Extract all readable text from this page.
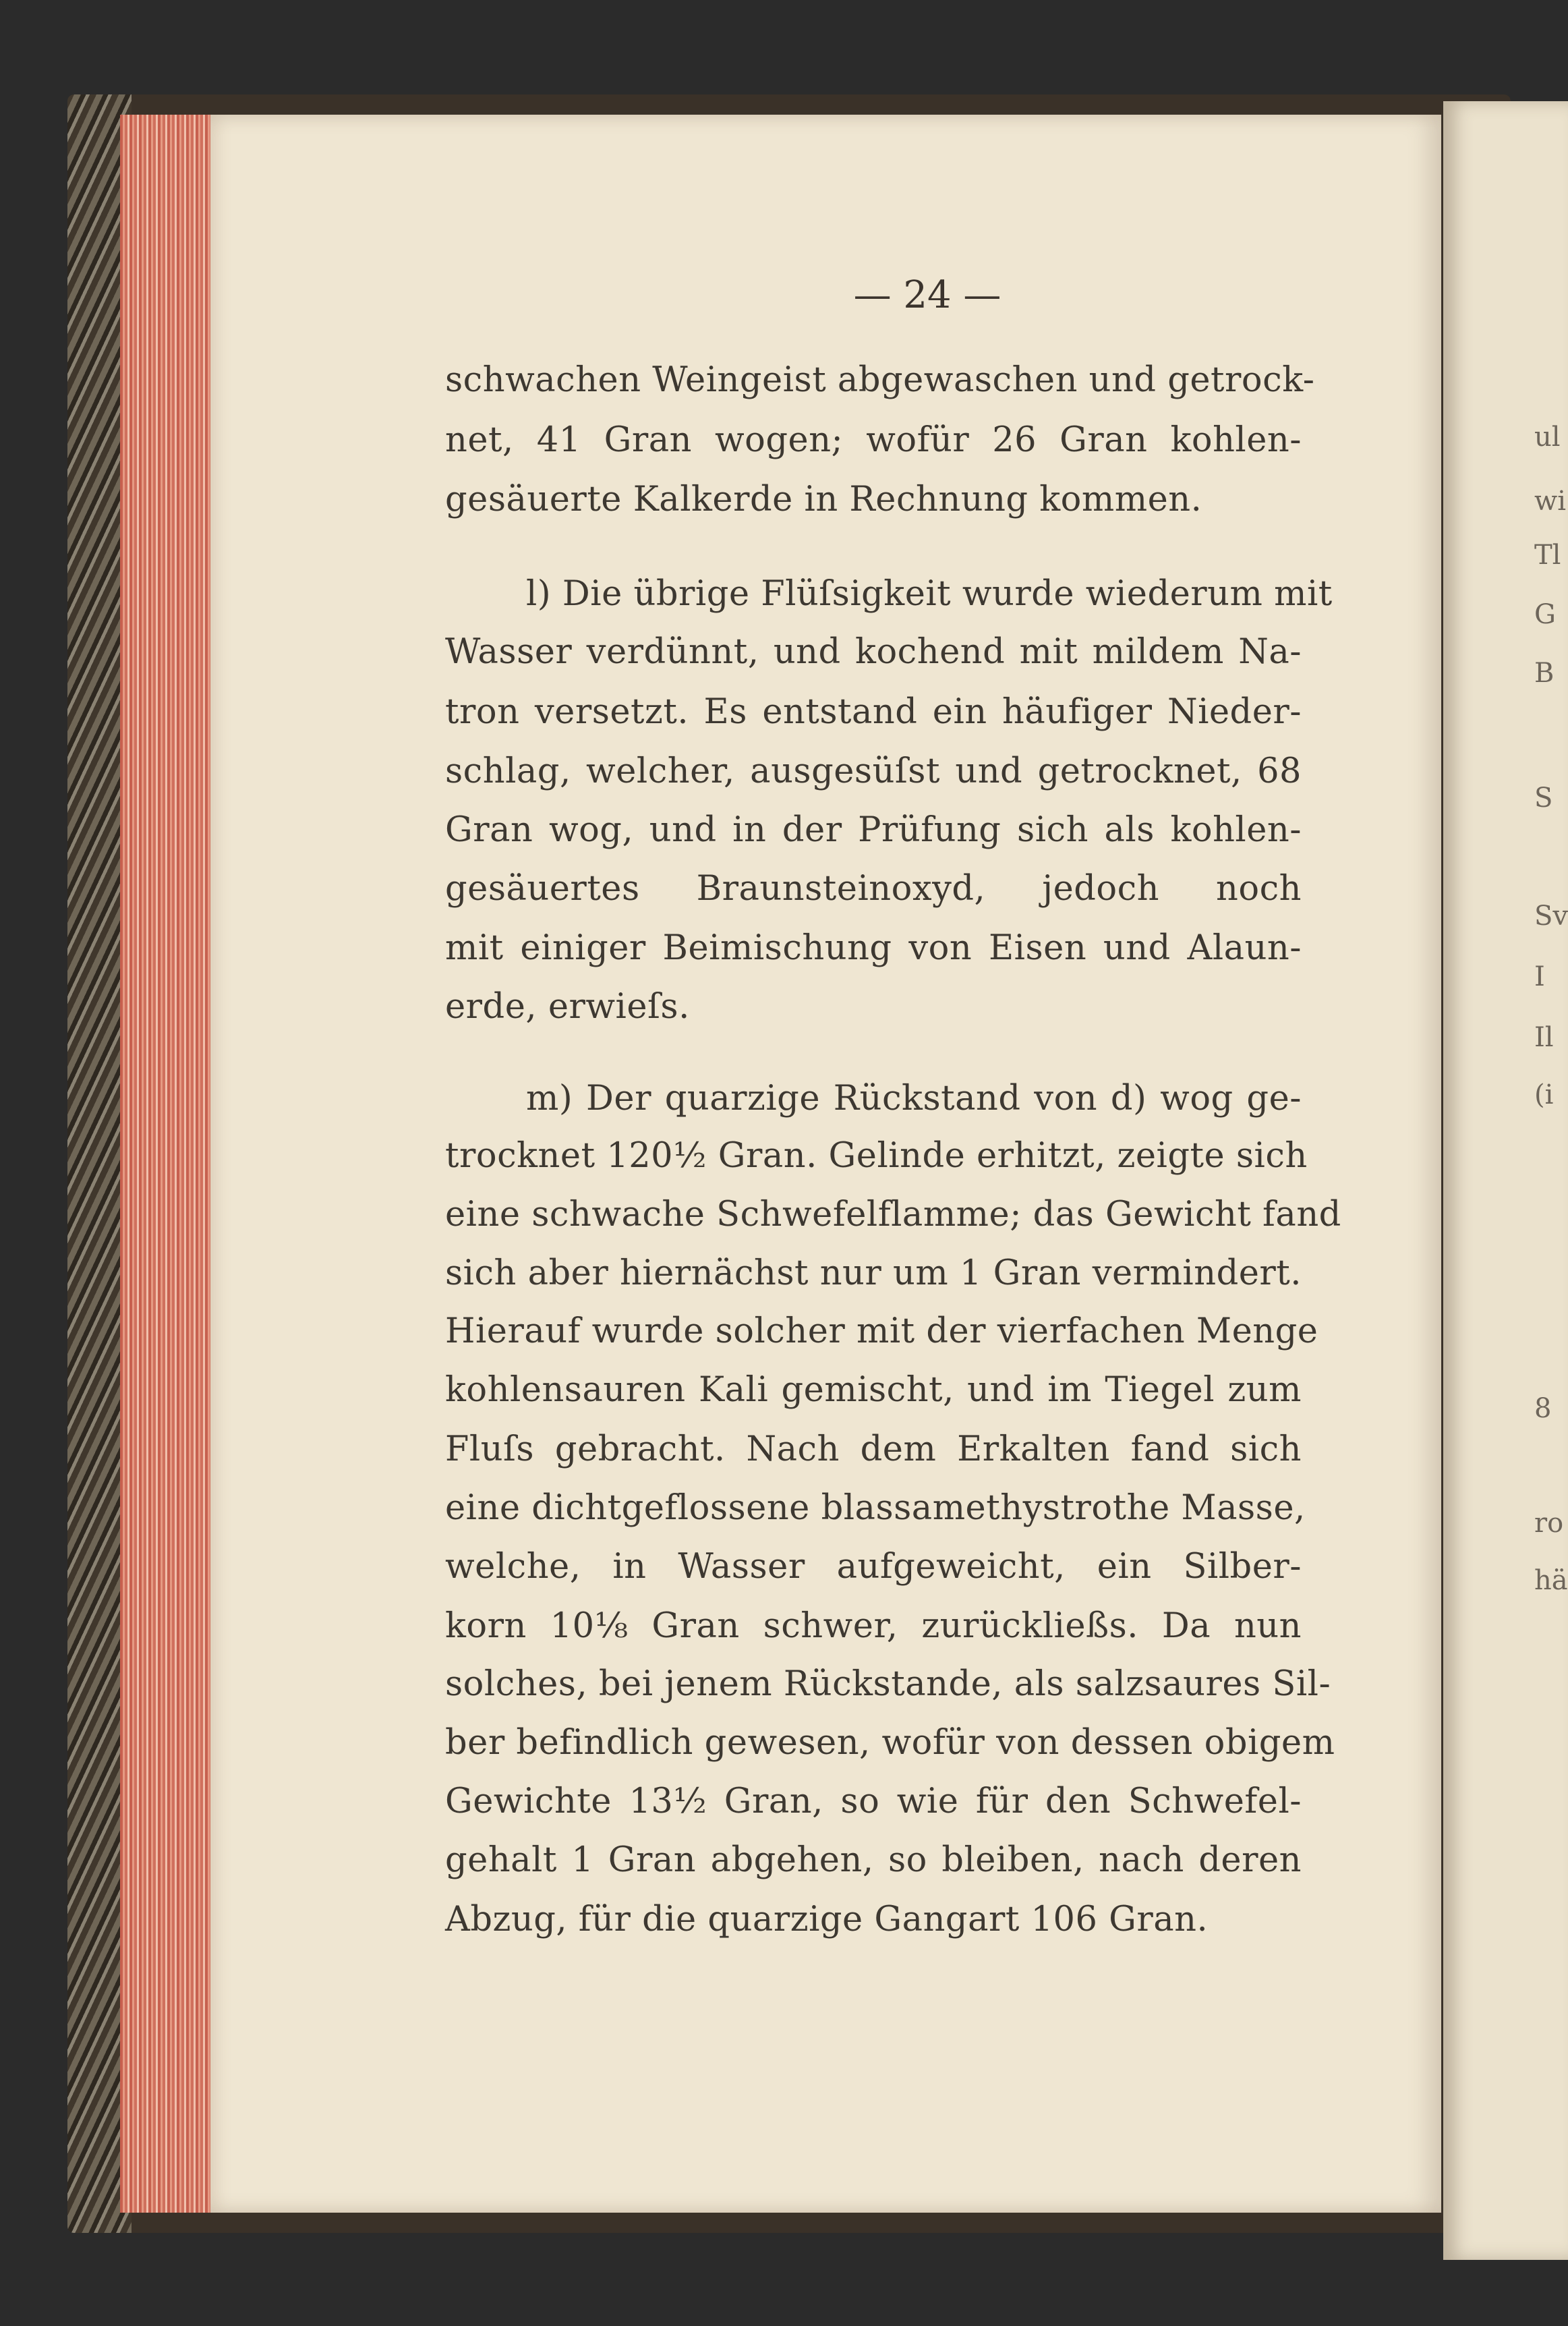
ul
wi
Tl
G
B
S
Sv
I
Il
(i
8
ro
hä
— 24 —
schwachen Weingeist abgewaschen und getrock-
net, 41 Gran wogen; wofür 26 Gran kohlen-
gesäuerte Kalkerde in Rechnung kommen.
l) Die übrige Flüſsigkeit wurde wiederum mit
Wasser verdünnt, und kochend mit mildem Na-
tron versetzt. Es entstand ein häufiger Nieder-
schlag, welcher, ausgesüſst und getrocknet, 68
Gran wog, und in der Prüfung sich als kohlen-
gesäuertes Braunsteinoxyd, jedoch noch
mit einiger Beimischung von Eisen und Alaun-
erde, erwieſs.
m) Der quarzige Rückstand von d) wog ge-
trocknet 120½ Gran. Gelinde erhitzt, zeigte sich
eine schwache Schwefelflamme; das Gewicht fand
sich aber hiernächst nur um 1 Gran vermindert.
Hierauf wurde solcher mit der vierfachen Menge
kohlensauren Kali gemischt, und im Tiegel zum
Fluſs gebracht. Nach dem Erkalten fand sich
eine dichtgeflossene blassamethystrothe Masse,
welche, in Wasser aufgeweicht, ein Silber-
korn 10⅛ Gran schwer, zurückließs. Da nun
solches, bei jenem Rückstande, als salzsaures Sil-
ber befindlich gewesen, wofür von dessen obigem
Gewichte 13½ Gran, so wie für den Schwefel-
gehalt 1 Gran abgehen, so bleiben, nach deren
Abzug, für die quarzige Gangart 106 Gran.
